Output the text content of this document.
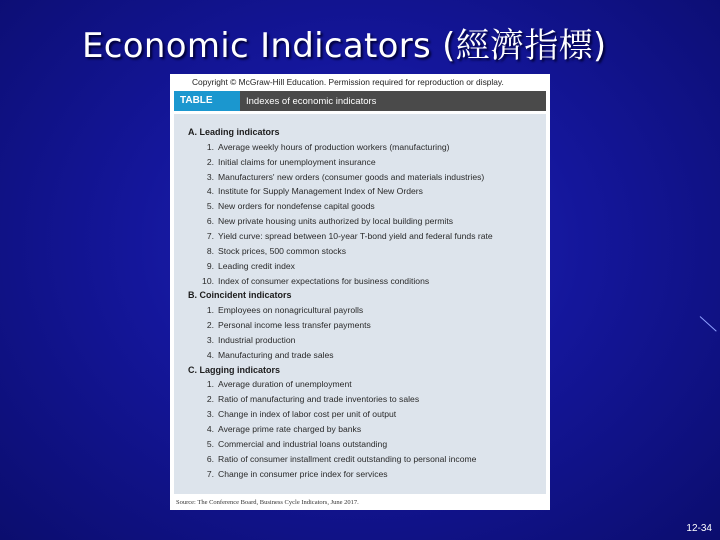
Economic Indicators (經濟指標)
Copyright © McGraw-Hill Education. Permission required for reproduction or display.
TABLE	Indexes of economic indicators
A. Leading indicators
1. Average weekly hours of production workers (manufacturing)
2. Initial claims for unemployment insurance
3. Manufacturers' new orders (consumer goods and materials industries)
4. Institute for Supply Management Index of New Orders
5. New orders for nondefense capital goods
6. New private housing units authorized by local building permits
7. Yield curve: spread between 10-year T-bond yield and federal funds rate
8. Stock prices, 500 common stocks
9. Leading credit index
10. Index of consumer expectations for business conditions
B. Coincident indicators
1. Employees on nonagricultural payrolls
2. Personal income less transfer payments
3. Industrial production
4. Manufacturing and trade sales
C. Lagging indicators
1. Average duration of unemployment
2. Ratio of manufacturing and trade inventories to sales
3. Change in index of labor cost per unit of output
4. Average prime rate charged by banks
5. Commercial and industrial loans outstanding
6. Ratio of consumer installment credit outstanding to personal income
7. Change in consumer price index for services
Source: The Conference Board, Business Cycle Indicators, June 2017.
12-34
